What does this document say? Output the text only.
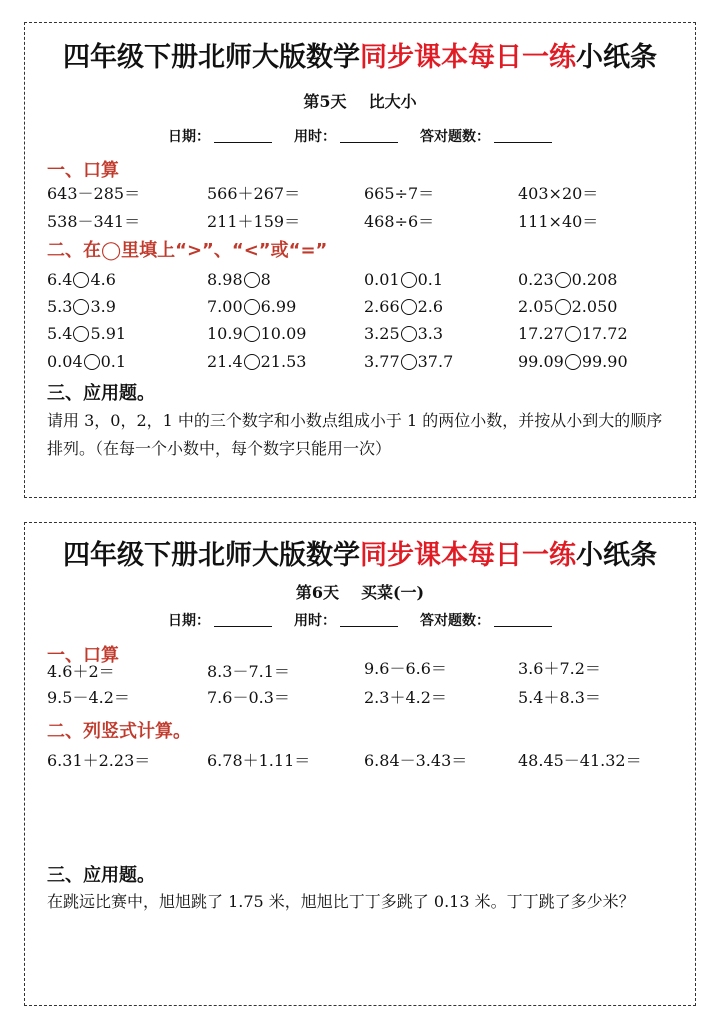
四年级下册北师大版数学同步课本每日一练小纸条
第5天 比大小
日期：	用时：	答对题数：
一、口算
643－285＝	566＋267＝	665÷7＝	403×20＝
538－341＝	211＋159＝	468÷6＝	111×40＝
二、在◯里填上“>”、“<”或“=”
6.4 4.6	8.98 8	0.01 0.1	0.23 0.208
5.3 3.9	7.00 6.99	2.66 2.6	2.05 2.050
5.4 5.91	10.9 10.09	3.25 3.3	17.27 17.72
0.04 0.1	21.4 21.53	3.77 37.7	99.09 99.90
三、应用题。
请用 3，0，2，1 中的三个数字和小数点组成小于 1 的两位小数，并按从小到大的顺序排列。（在每一个小数中，每个数字只能用一次）
四年级下册北师大版数学同步课本每日一练小纸条
第6天 买菜(一)
日期：	用时：	答对题数：
一、口算
4.6＋2＝	8.3－7.1＝	9.6－6.6＝	3.6＋7.2＝
9.5－4.2＝	7.6－0.3＝	2.3＋4.2＝	5.4＋8.3＝
二、列竖式计算。
6.31＋2.23＝	6.78＋1.11＝	6.84－3.43＝	48.45－41.32＝
三、应用题。
在跳远比赛中，旭旭跳了 1.75 米，旭旭比丁丁多跳了 0.13 米。丁丁跳了多少米？
